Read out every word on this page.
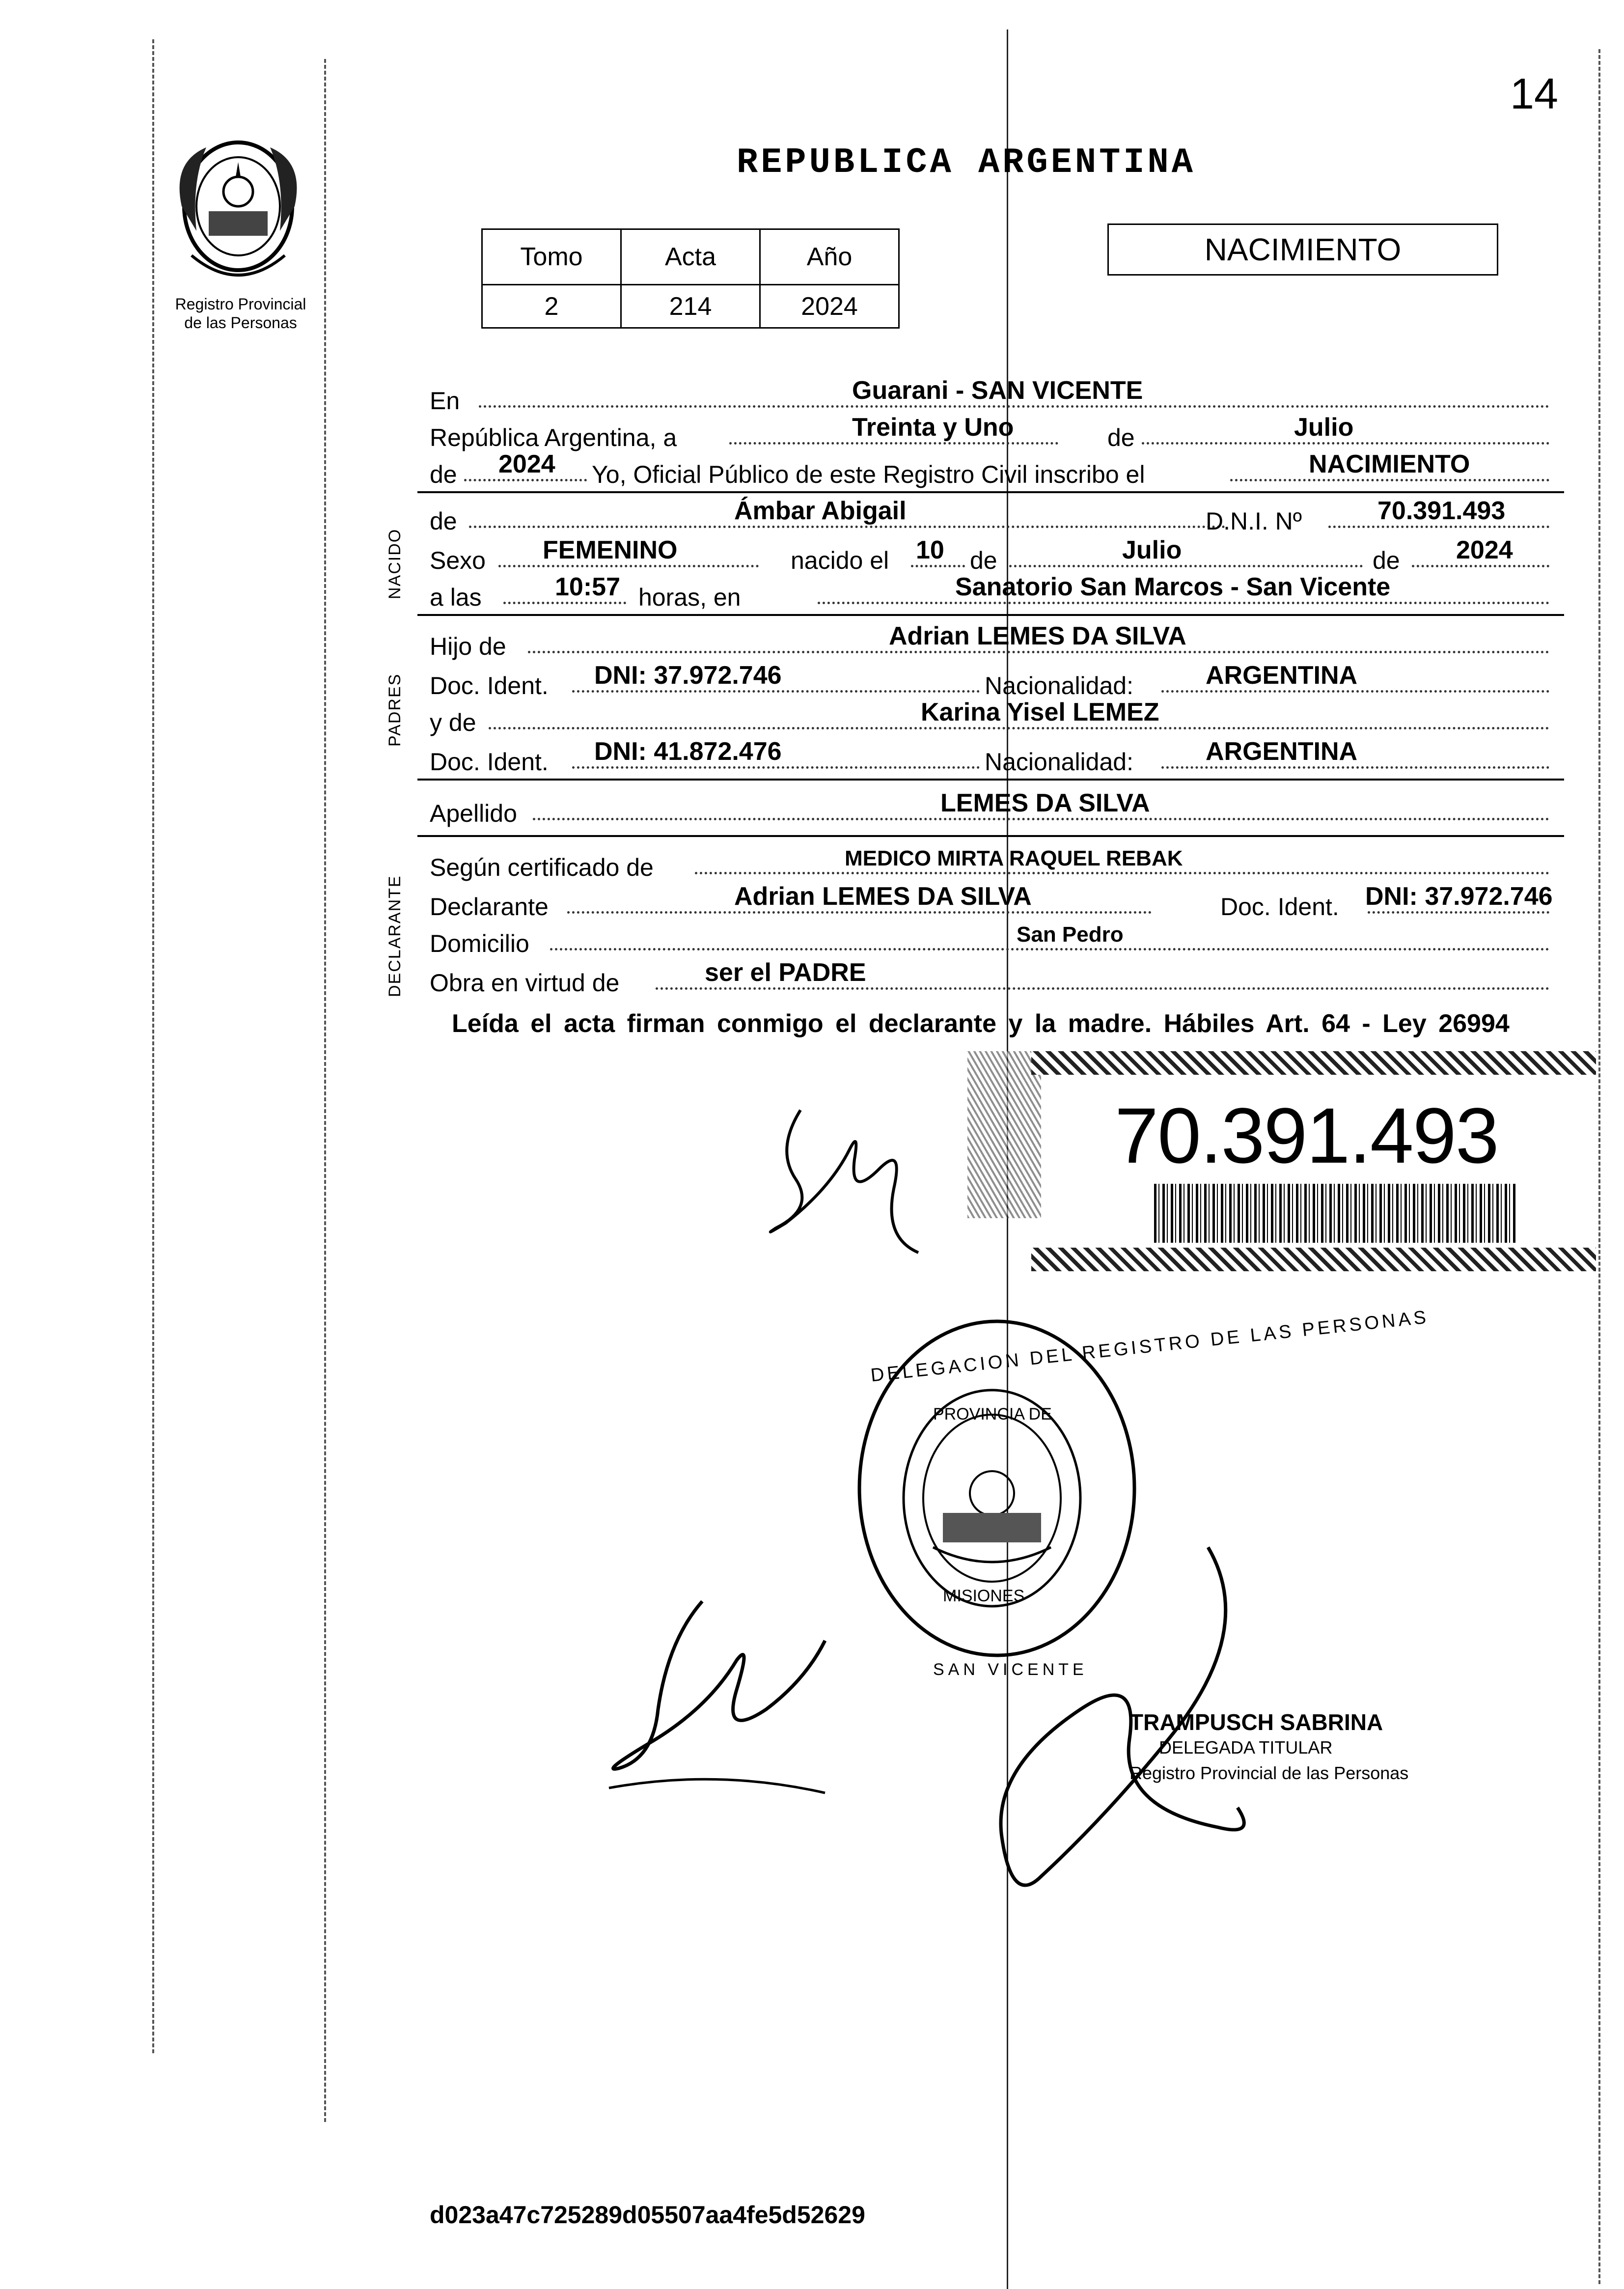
14
REPUBLICA ARGENTINA
Registro Provincial
de las Personas
Tomo	Acta	Año
2	214	2024
NACIMIENTO
En	Guarani - SAN VICENTE
República Argentina, a	Treinta y Uno	de	Julio
de 2024 Yo, Oficial Público de este Registro Civil inscribo el	NACIMIENTO
NACIDO
de	Ámbar Abigail	D.N.I. Nº	70.391.493
Sexo FEMENINO	nacido el 10 de	Julio	de 2024
a las	10:57 horas, en	Sanatorio San Marcos - San Vicente
PADRES
Hijo de	Adrian LEMES DA SILVA
Doc. Ident. DNI: 37.972.746	Nacionalidad:	ARGENTINA
y de	Karina Yisel LEMEZ
Doc. Ident. DNI: 41.872.476	Nacionalidad:	ARGENTINA
Apellido	LEMES DA SILVA
DECLARANTE
Según certificado de	MEDICO MIRTA RAQUEL REBAK
Declarante	Adrian LEMES DA SILVA	Doc. Ident. DNI: 37.972.746
Domicilio	San Pedro
Obra en virtud de	ser el PADRE
Leída el acta firman conmigo el declarante y la madre. Hábiles Art. 64 - Ley 26994
70.391.493
DELEGACION DEL REGISTRO DE LAS PERSONAS
PROVINCIA DE
MISIONES
SAN VICENTE
TRAMPUSCH SABRINA
DELEGADA TITULAR
Registro Provincial de las Personas
d023a47c725289d05507aa4fe5d52629
